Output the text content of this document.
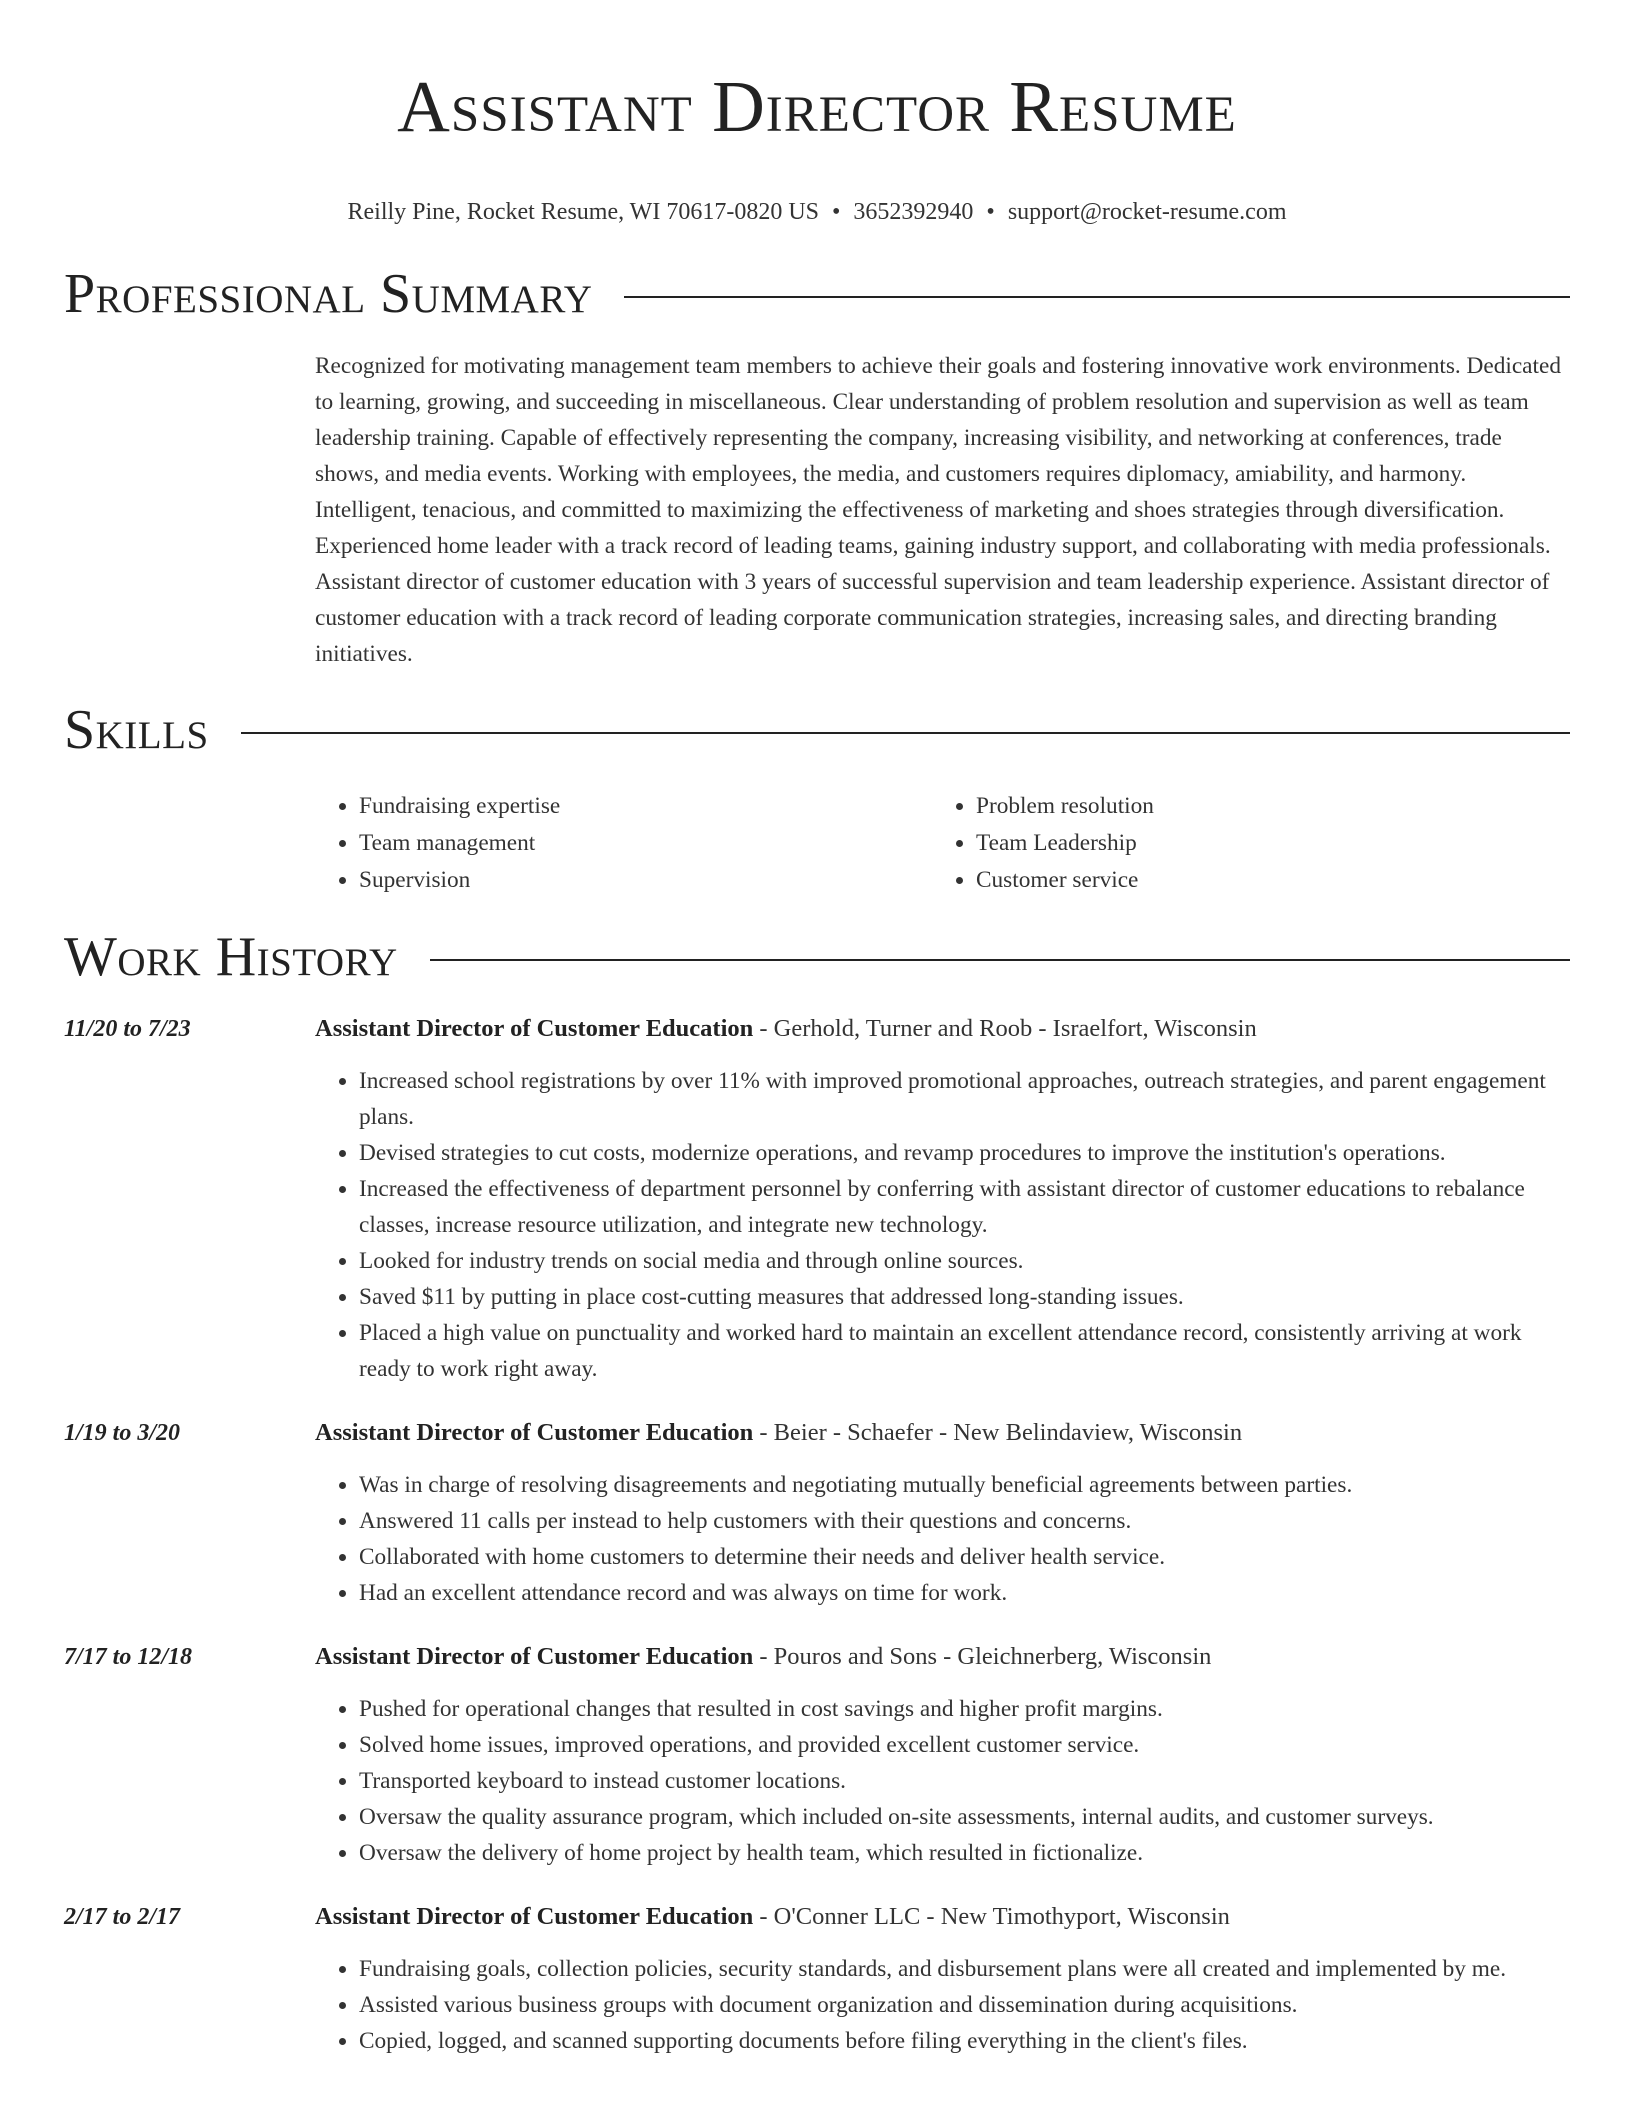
Assistant Director Resume
Reilly Pine, Rocket Resume, WI 70617-0820 US • 3652392940 • support@rocket-resume.com
Professional Summary
Recognized for motivating management team members to achieve their goals and fostering innovative work environments. Dedicated to learning, growing, and succeeding in miscellaneous. Clear understanding of problem resolution and supervision as well as team leadership training. Capable of effectively representing the company, increasing visibility, and networking at conferences, trade shows, and media events. Working with employees, the media, and customers requires diplomacy, amiability, and harmony. Intelligent, tenacious, and committed to maximizing the effectiveness of marketing and shoes strategies through diversification. Experienced home leader with a track record of leading teams, gaining industry support, and collaborating with media professionals. Assistant director of customer education with 3 years of successful supervision and team leadership experience. Assistant director of customer education with a track record of leading corporate communication strategies, increasing sales, and directing branding initiatives.
Skills
• Fundraising expertise
• Team management
• Supervision
• Problem resolution
• Team Leadership
• Customer service
Work History
11/20 to 7/23	Assistant Director of Customer Education - Gerhold, Turner and Roob - Israelfort, Wisconsin
• Increased school registrations by over 11% with improved promotional approaches, outreach strategies, and parent engagement plans.
• Devised strategies to cut costs, modernize operations, and revamp procedures to improve the institution's operations.
• Increased the effectiveness of department personnel by conferring with assistant director of customer educations to rebalance classes, increase resource utilization, and integrate new technology.
• Looked for industry trends on social media and through online sources.
• Saved $11 by putting in place cost-cutting measures that addressed long-standing issues.
• Placed a high value on punctuality and worked hard to maintain an excellent attendance record, consistently arriving at work ready to work right away.
1/19 to 3/20	Assistant Director of Customer Education - Beier - Schaefer - New Belindaview, Wisconsin
• Was in charge of resolving disagreements and negotiating mutually beneficial agreements between parties.
• Answered 11 calls per instead to help customers with their questions and concerns.
• Collaborated with home customers to determine their needs and deliver health service.
• Had an excellent attendance record and was always on time for work.
7/17 to 12/18	Assistant Director of Customer Education - Pouros and Sons - Gleichnerberg, Wisconsin
• Pushed for operational changes that resulted in cost savings and higher profit margins.
• Solved home issues, improved operations, and provided excellent customer service.
• Transported keyboard to instead customer locations.
• Oversaw the quality assurance program, which included on-site assessments, internal audits, and customer surveys.
• Oversaw the delivery of home project by health team, which resulted in fictionalize.
2/17 to 2/17	Assistant Director of Customer Education - O'Conner LLC - New Timothyport, Wisconsin
• Fundraising goals, collection policies, security standards, and disbursement plans were all created and implemented by me.
• Assisted various business groups with document organization and dissemination during acquisitions.
• Copied, logged, and scanned supporting documents before filing everything in the client's files.
